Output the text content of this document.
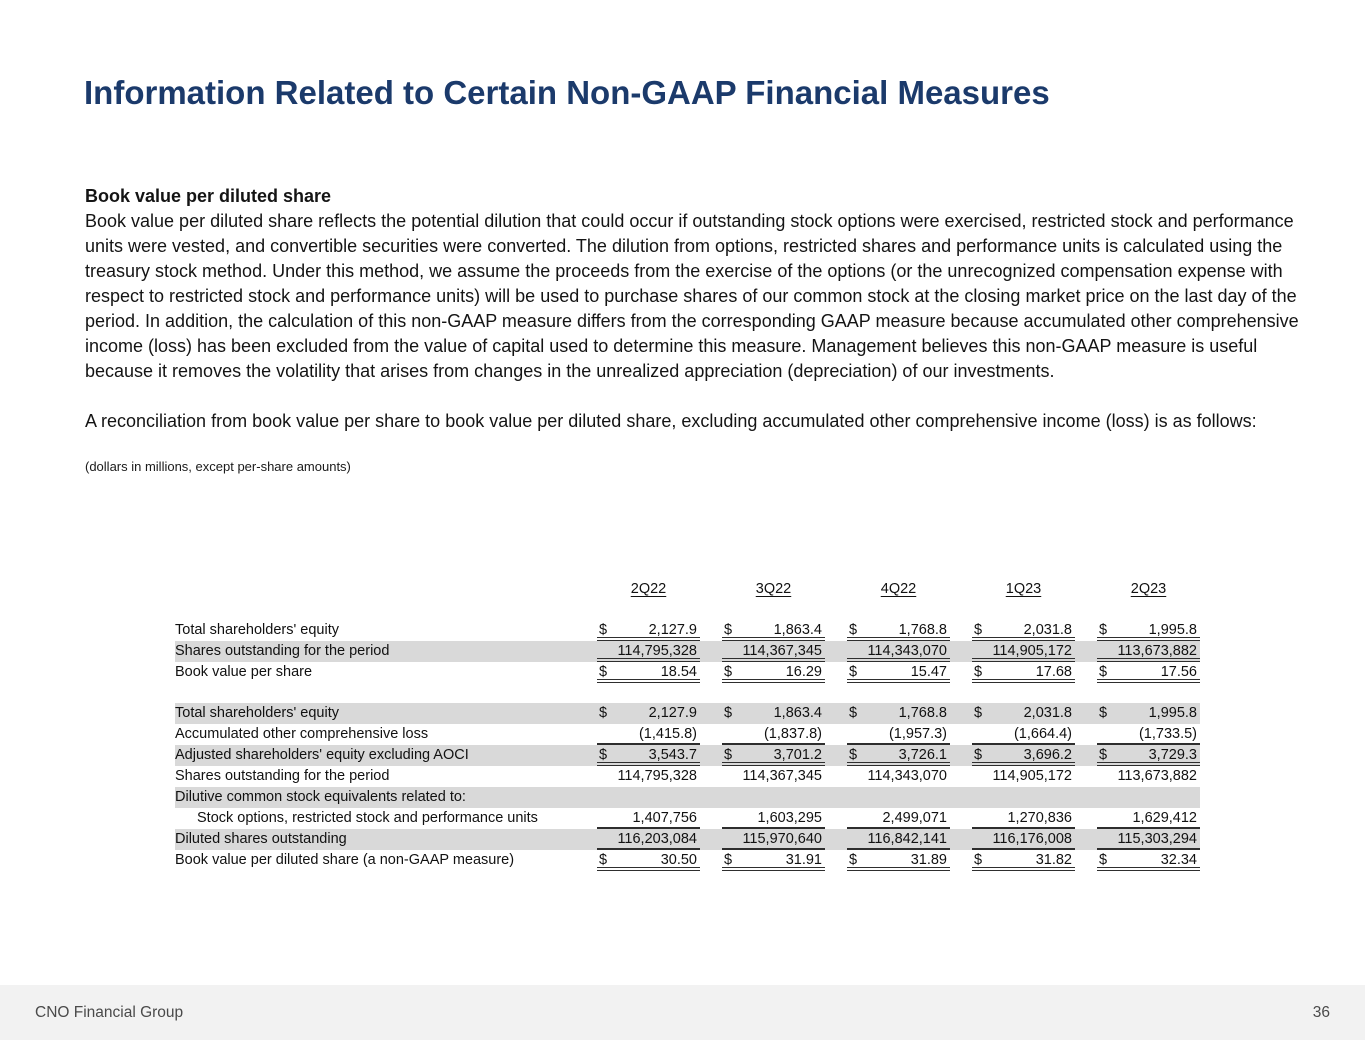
Information Related to Certain Non-GAAP Financial Measures
Book value per diluted share
Book value per diluted share reflects the potential dilution that could occur if outstanding stock options were exercised, restricted stock and performance units were vested, and convertible securities were converted. The dilution from options, restricted shares and performance units is calculated using the treasury stock method. Under this method, we assume the proceeds from the exercise of the options (or the unrecognized compensation expense with respect to restricted stock and performance units) will be used to purchase shares of our common stock at the closing market price on the last day of the period. In addition, the calculation of this non-GAAP measure differs from the corresponding GAAP measure because accumulated other comprehensive income (loss) has been excluded from the value of capital used to determine this measure. Management believes this non-GAAP measure is useful because it removes the volatility that arises from changes in the unrealized appreciation (depreciation) of our investments.
A reconciliation from book value per share to book value per diluted share, excluding accumulated other comprehensive income (loss) is as follows:
(dollars in millions, except per-share amounts)

	2Q22	3Q22	4Q22	1Q23	2Q23

Total shareholders' equity	$ 2,127.9	$ 1,863.4	$ 1,768.8	$ 2,031.8	$ 1,995.8

Shares outstanding for the period	114,795,328	114,367,345	114,343,070	114,905,172	113,673,882

Book value per share	$ 18.54	$ 16.29	$ 15.47	$ 17.68	$ 17.56

Total shareholders' equity	$ 2,127.9	$ 1,863.4	$ 1,768.8	$ 2,031.8	$ 1,995.8

Accumulated other comprehensive loss	(1,415.8)	(1,837.8)	(1,957.3)	(1,664.4)	(1,733.5)

Adjusted shareholders' equity excluding AOCI	$ 3,543.7	$ 3,701.2	$ 3,726.1	$ 3,696.2	$ 3,729.3

Shares outstanding for the period	114,795,328	114,367,345	114,343,070	114,905,172	113,673,882

Dilutive common stock equivalents related to:	

Stock options, restricted stock and performance units	1,407,756	1,603,295	2,499,071	1,270,836	1,629,412

Diluted shares outstanding	116,203,084	115,970,640	116,842,141	116,176,008	115,303,294

Book value per diluted share (a non-GAAP measure)	$ 30.50	$ 31.91	$ 31.89	$ 31.82	$ 32.34
CNO Financial Group	36
